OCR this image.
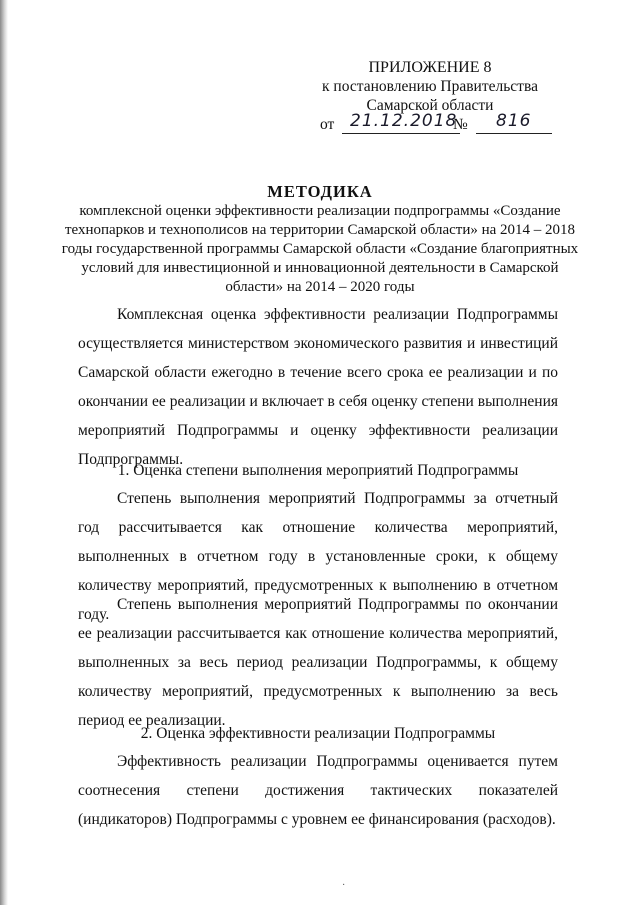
ПРИЛОЖЕНИЕ 8
к постановлению Правительства
Самарской области
от 21.12.2018
№ 816
МЕТОДИКА
комплексной оценки эффективности реализации подпрограммы «Создание технопарков и технополисов на территории Самарской области» на 2014 – 2018 годы государственной программы Самарской области «Создание благоприятных условий для инвестиционной и инновационной деятельности в Самарской области» на 2014 – 2020 годы

Комплексная оценка эффективности реализации Подпрограммы осуществляется министерством экономического развития и инвестиций Самарской области ежегодно в течение всего срока ее реализации и по окончании ее реализации и включает в себя оценку степени выполнения мероприятий Подпрограммы и оценку эффективности реализации Подпрограммы.

1. Оценка степени выполнения мероприятий Подпрограммы

Степень выполнения мероприятий Подпрограммы за отчетный год рассчитывается как отношение количества мероприятий, выполненных в отчетном году в установленные сроки, к общему количеству мероприятий, предусмотренных к выполнению в отчетном году.

Степень выполнения мероприятий Подпрограммы по окончании ее реализации рассчитывается как отношение количества мероприятий, выполненных за весь период реализации Подпрограммы, к общему количеству мероприятий, предусмотренных к выполнению за весь период ее реализации.

2. Оценка эффективности реализации Подпрограммы

Эффективность реализации Подпрограммы оценивается путем соотнесения степени достижения тактических показателей (индикаторов) Подпрограммы с уровнем ее финансирования (расходов).

·
